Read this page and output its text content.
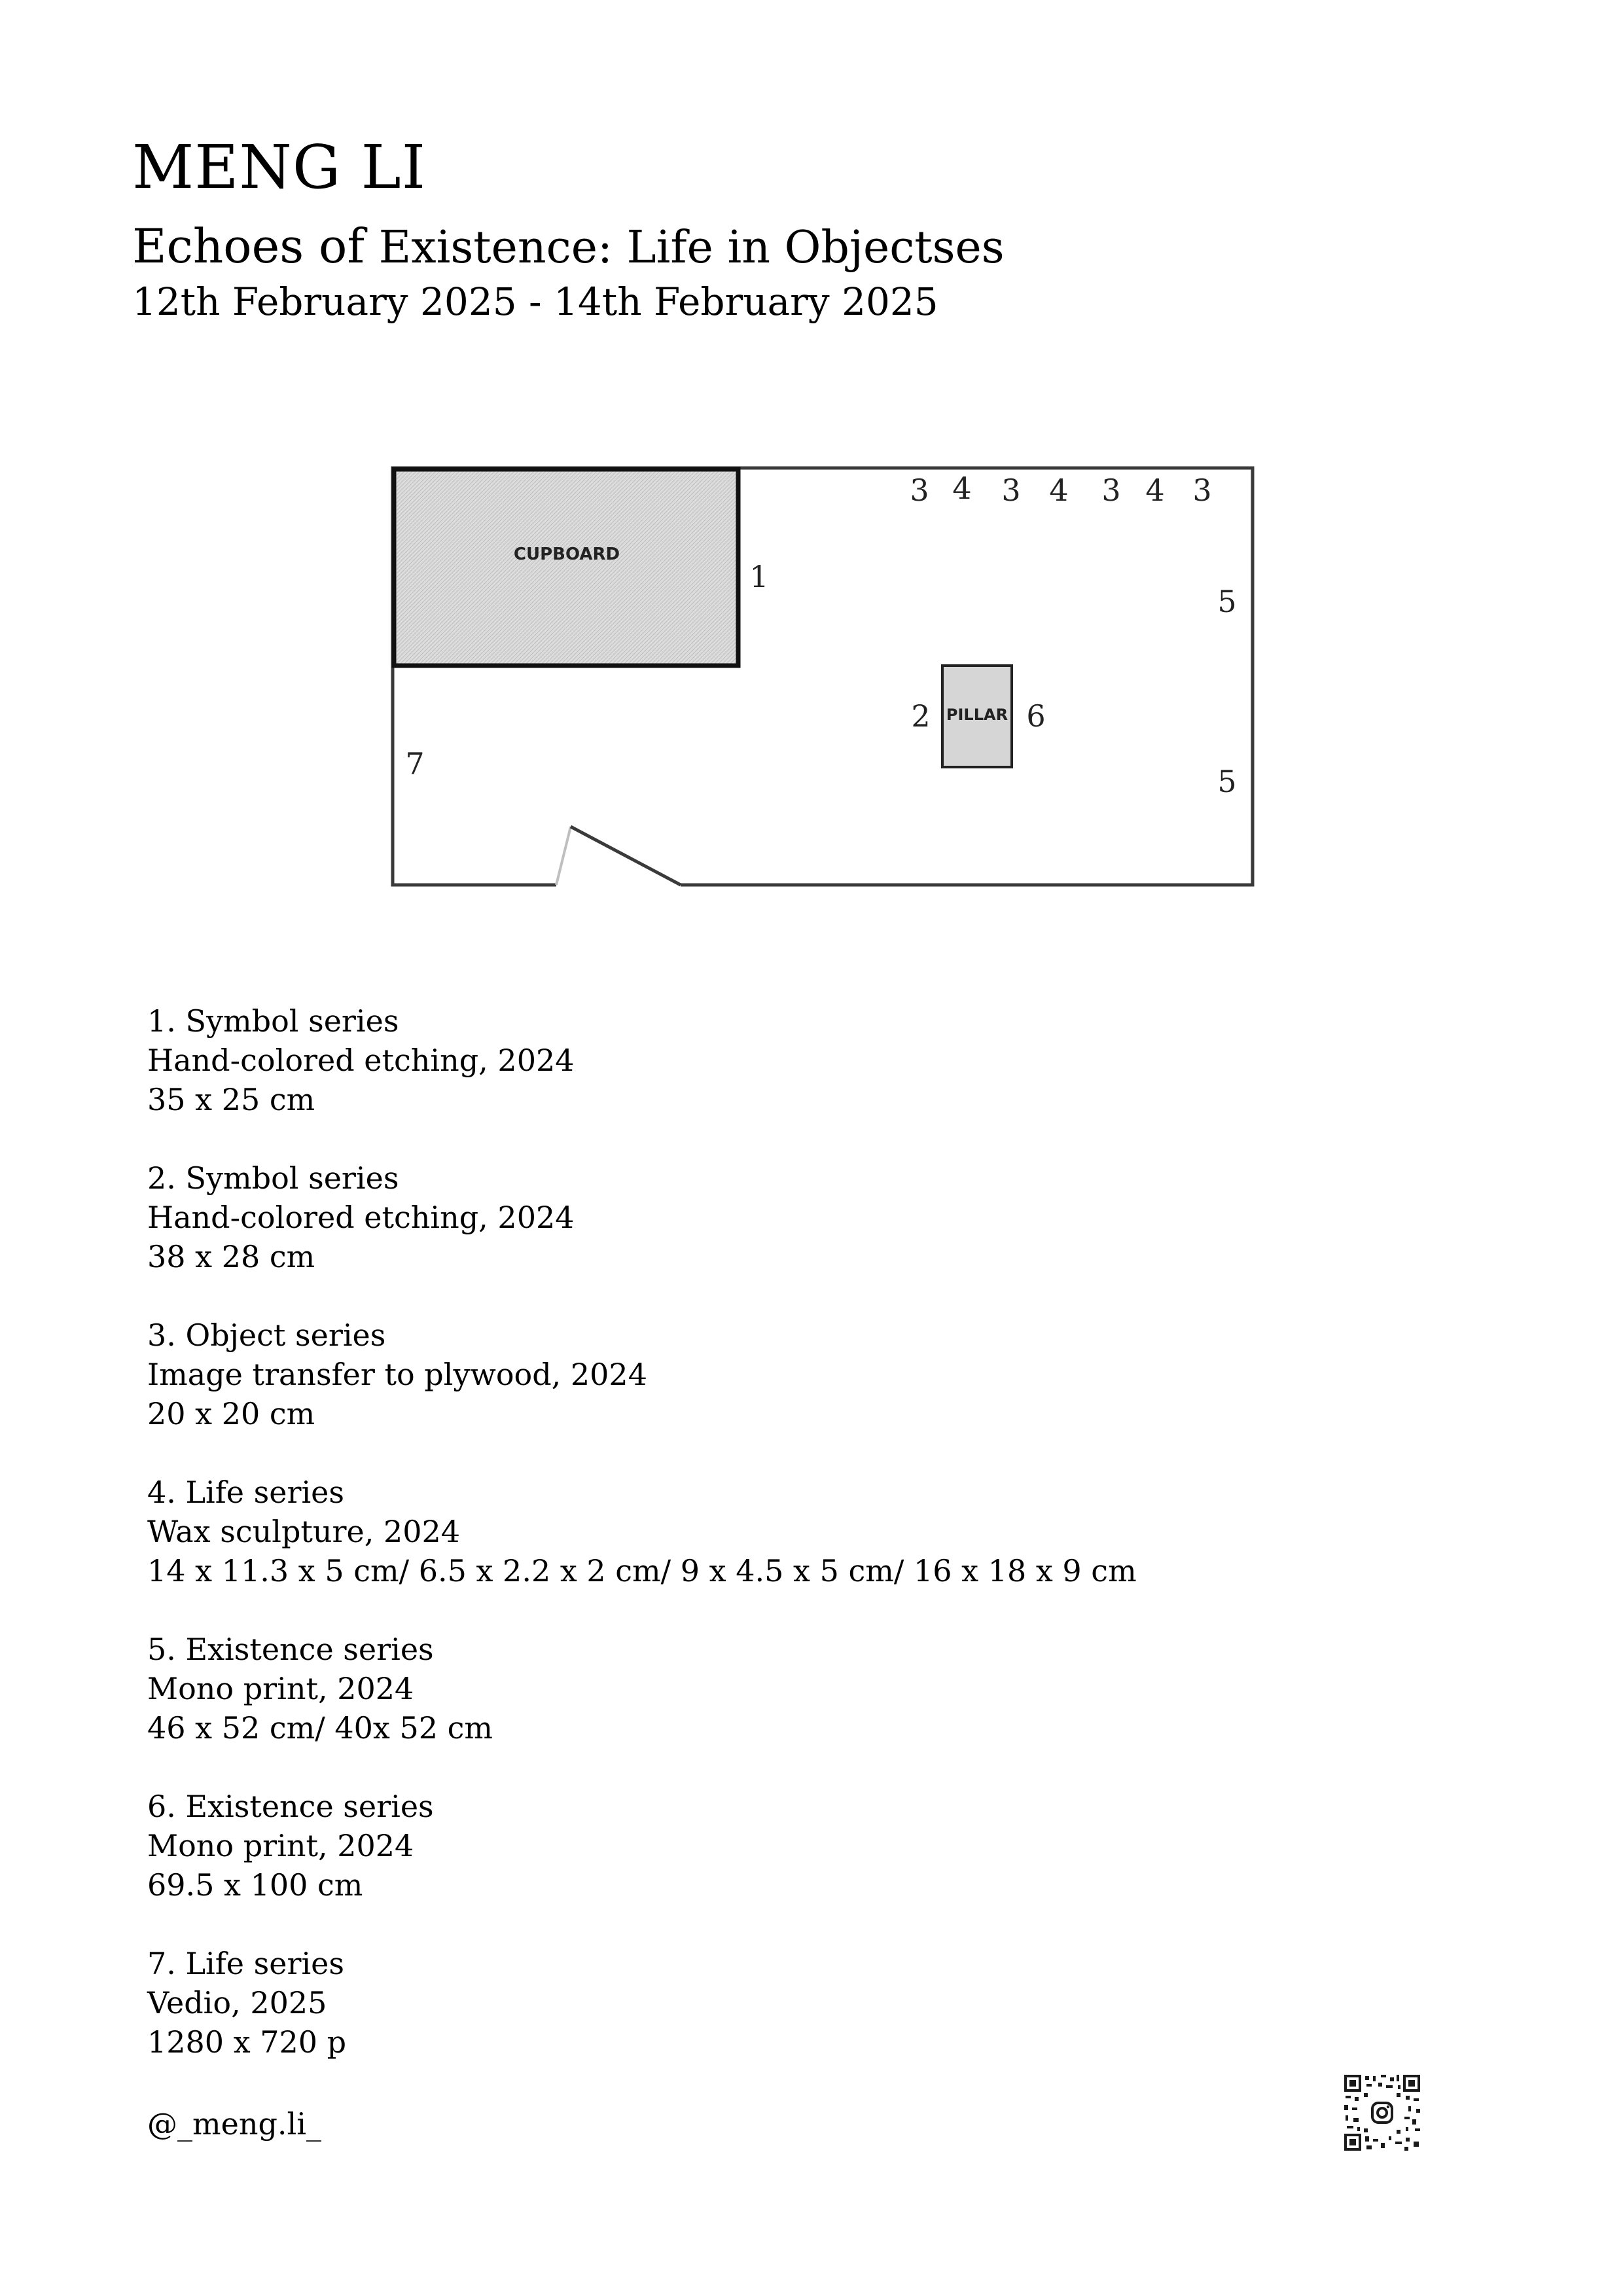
MENG LI
Echoes of Existence: Life in Objectses
12th February 2025 - 14th February 2025
CUPBOARD
PILLAR
3 4 3 4 3 4 3
1
5
5
2	6
7
1. Symbol series
Hand-colored etching, 2024
35 x 25 cm
2. Symbol series
Hand-colored etching, 2024
38 x 28 cm
3. Object series
Image transfer to plywood, 2024
20 x 20 cm
4. Life series
Wax sculpture, 2024
14 x 11.3 x 5 cm/ 6.5 x 2.2 x 2 cm/ 9 x 4.5 x 5 cm/ 16 x 18 x 9 cm
5. Existence series
Mono print, 2024
46 x 52 cm/ 40x 52 cm
6. Existence series
Mono print, 2024
69.5 x 100 cm
7. Life series
Vedio, 2025
1280 x 720 p
@_meng.li_
